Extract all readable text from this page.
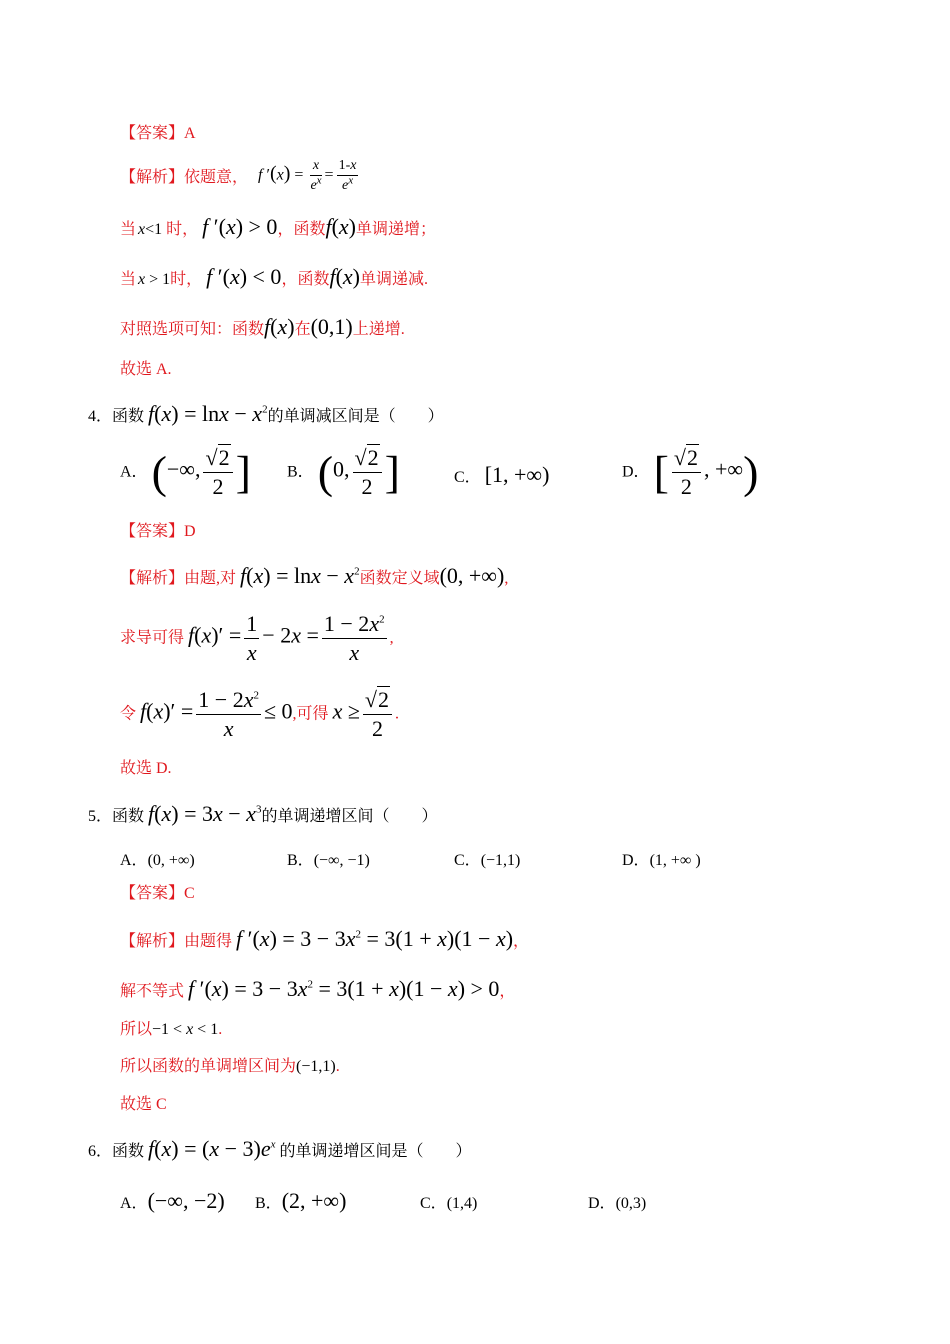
【答案】A
【解析】依题意， f $'(x) = \frac{x}{e^x} = \frac{1-x}{e^x}$
当 x<1 时， f ′(x) > 0，函数f(x)单调递增；
当 x > 1时， f ′(x) < 0，函数f(x)单调递减.
对照选项可知：函数f(x)在(0,1)上递增.
故选 A.
4．函数 $f(x) = \ln x - x^2$的单调减区间是（　　）
A． (−∞, $\frac{√2}{2}$ ] B． (0, $\frac{√2}{2}$ ]	C． [1, +∞)	D． [ $\frac{√2}{2}$ , +∞)
【答案】D
【解析】由题,对 $f(x) = \ln x - x^2$函数定义域(0, +∞),
求导可得 $f(x)' = \frac{1}{x} - 2x = \frac{1 - 2x^2}{x}$ ,
令 $f(x)' = \frac{1 - 2x^2}{x} \le 0$,可得 $x \ge \frac{√2}{2}$ .
故选 D.
5．函数 $f(x) = 3x - x^3$的单调递增区间（　　）
A．(0, +∞)	B．(−∞, −1)	C．(−1,1)	D．(1, +∞ )
【答案】C
【解析】由题得 f $'(x) = 3 - 3x^2 = 3(1 + x)(1 - x)$，
解不等式 f $'(x) = 3 - 3x^2 = 3(1 + x)(1 - x) > 0$，
所以−1 < x < 1.
所以函数的单调增区间为(−1,1).
故选 C
6．函数 $f(x) = (x - 3)e^x$ 的单调递增区间是（　　）
A．(−∞, −2) B．(2, +∞)	C．(1,4)	D．(0,3)
